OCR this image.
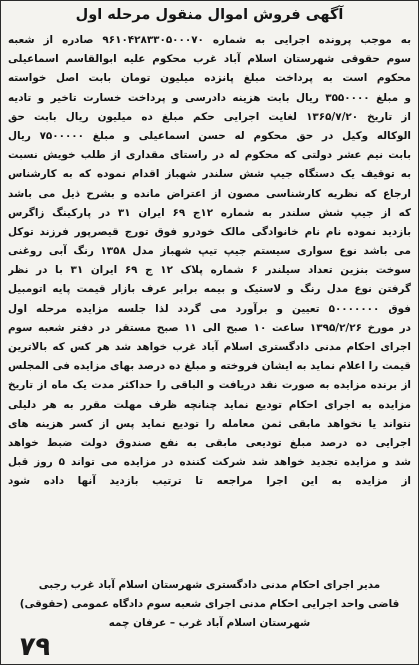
آگهی فروش اموال منقول مرحله اول
به موجب پرونده اجرایی به شماره ۹۶۱۰۴۲۸۳۳۰۵۰۰۰۷۰ صادره از شعبه
سوم حقوقی شهرستان اسلام آباد غرب محکوم علیه ابوالقاسم اسماعیلی
محکوم است به پرداخت مبلغ پانزده میلیون تومان بابت اصل خواسته
و مبلغ ۳۵۵۰۰۰۰ ریال بابت هزینه دادرسی و پرداخت خسارت تاخیر و تادیه
از تاریخ ۱۳۶۵/۷/۲۰ لغایت اجرایی حکم مبلغ ده میلیون ریال بابت حق
الوکاله وکیل در حق محکوم له حسن اسماعیلی و مبلغ ۷۵۰۰۰۰۰ ریال
بابت نیم عشر دولتی که محکوم له در راستای مقداری از طلب خویش نسبت
به توقیف یک دستگاه جیپ شش سلندر شهباز اقدام نموده که به کارشناس
ارجاع که نظریه کارشناسی مصون از اعتراض مانده و بشرح ذیل می باشد
که از جیپ شش سلندر به شماره ۱۲ج ۶۹ ایران ۳۱ در پارکینگ زاگرس
بازدید نموده نام نام خانوادگی مالک خودرو فوق تورج قیصرپور فرزند توکل
می باشد نوع سواری سیستم جیپ تیپ شهباز مدل ۱۳۵۸ رنگ آبی روغنی
سوخت بنزین تعداد سیلندر ۶ شماره پلاک ۱۲ ج ۶۹ ایران ۳۱ با در نظر
گرفتن نوع مدل رنگ و لاستیک و بیمه برابر عرف بازار قیمت پایه اتومبیل
فوق ۵۰۰۰۰۰۰۰ تعیین و برآورد می گردد لذا جلسه مزایده مرحله اول
در مورخ ۱۳۹۵/۲/۲۶ ساعت ۱۰ صبح الی ۱۱ صبح مستقر در دفتر شعبه سوم
اجرای احکام مدنی دادگستری اسلام آباد غرب خواهد شد هر کس که بالاترین
قیمت را اعلام نماید به ایشان فروخته و مبلغ ده درصد بهای مزایده فی المجلس
از برنده مزایده به صورت نقد دریافت و الباقی را حداکثر مدت یک ماه از تاریخ
مزایده به اجرای احکام تودیع نماید چنانچه ظرف مهلت مقرر به هر دلیلی
نتواند یا نخواهد مابقی ثمن معامله را تودیع نماید پس از کسر هزینه های
اجرایی ده درصد مبلغ تودیعی مابقی به نفع صندوق دولت ضبط خواهد
شد و مزایده تجدید خواهد شد شرکت کننده در مزایده می تواند ۵ روز قبل
از مزایده به این اجرا مراجعه تا ترتیب بازدید آنها داده شود
مدیر اجرای احکام مدنی دادگستری شهرستان اسلام آباد غرب رجبی
قاضی واحد اجرایی احکام مدنی اجرای شعبه سوم دادگاه عمومی (حقوقی)
شهرستان اسلام آباد غرب – عرفان چمه
۷۹
